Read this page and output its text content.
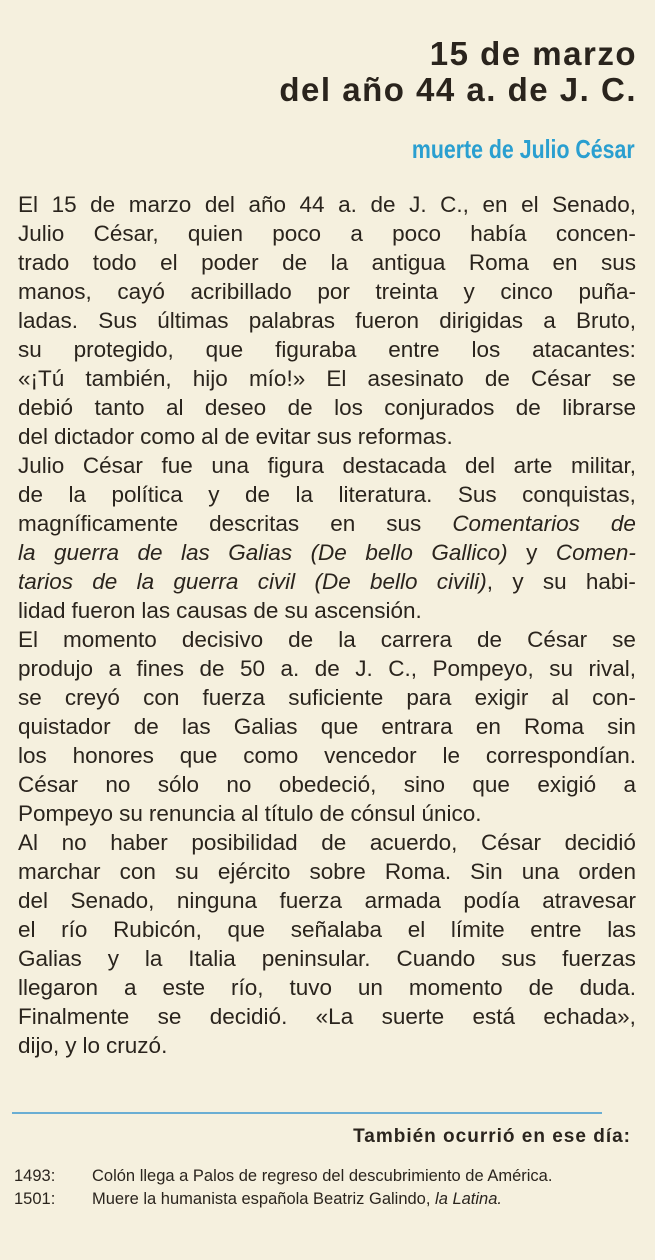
15 de marzo
del año 44 a. de J. C.
muerte de Julio César
El 15 de marzo del año 44 a. de J. C., en el Senado,
Julio César, quien poco a poco había concen-
trado todo el poder de la antigua Roma en sus
manos, cayó acribillado por treinta y cinco puña-
ladas. Sus últimas palabras fueron dirigidas a Bruto,
su protegido, que figuraba entre los atacantes:
«¡Tú también, hijo mío!» El asesinato de César se
debió tanto al deseo de los conjurados de librarse
del dictador como al de evitar sus reformas.
Julio César fue una figura destacada del arte militar,
de la política y de la literatura. Sus conquistas,
magníficamente descritas en sus Comentarios de
la guerra de las Galias (De bello Gallico) y Comen-
tarios de la guerra civil (De bello civili), y su habi-
lidad fueron las causas de su ascensión.
El momento decisivo de la carrera de César se
produjo a fines de 50 a. de J. C., Pompeyo, su rival,
se creyó con fuerza suficiente para exigir al con-
quistador de las Galias que entrara en Roma sin
los honores que como vencedor le correspondían.
César no sólo no obedeció, sino que exigió a
Pompeyo su renuncia al título de cónsul único.
Al no haber posibilidad de acuerdo, César decidió
marchar con su ejército sobre Roma. Sin una orden
del Senado, ninguna fuerza armada podía atravesar
el río Rubicón, que señalaba el límite entre las
Galias y la Italia peninsular. Cuando sus fuerzas
llegaron a este río, tuvo un momento de duda.
Finalmente se decidió. «La suerte está echada»,
dijo, y lo cruzó.
También ocurrió en ese día:
1493:	Colón llega a Palos de regreso del descubrimiento de América.
1501:	Muere la humanista española Beatriz Galindo, la Latina.
